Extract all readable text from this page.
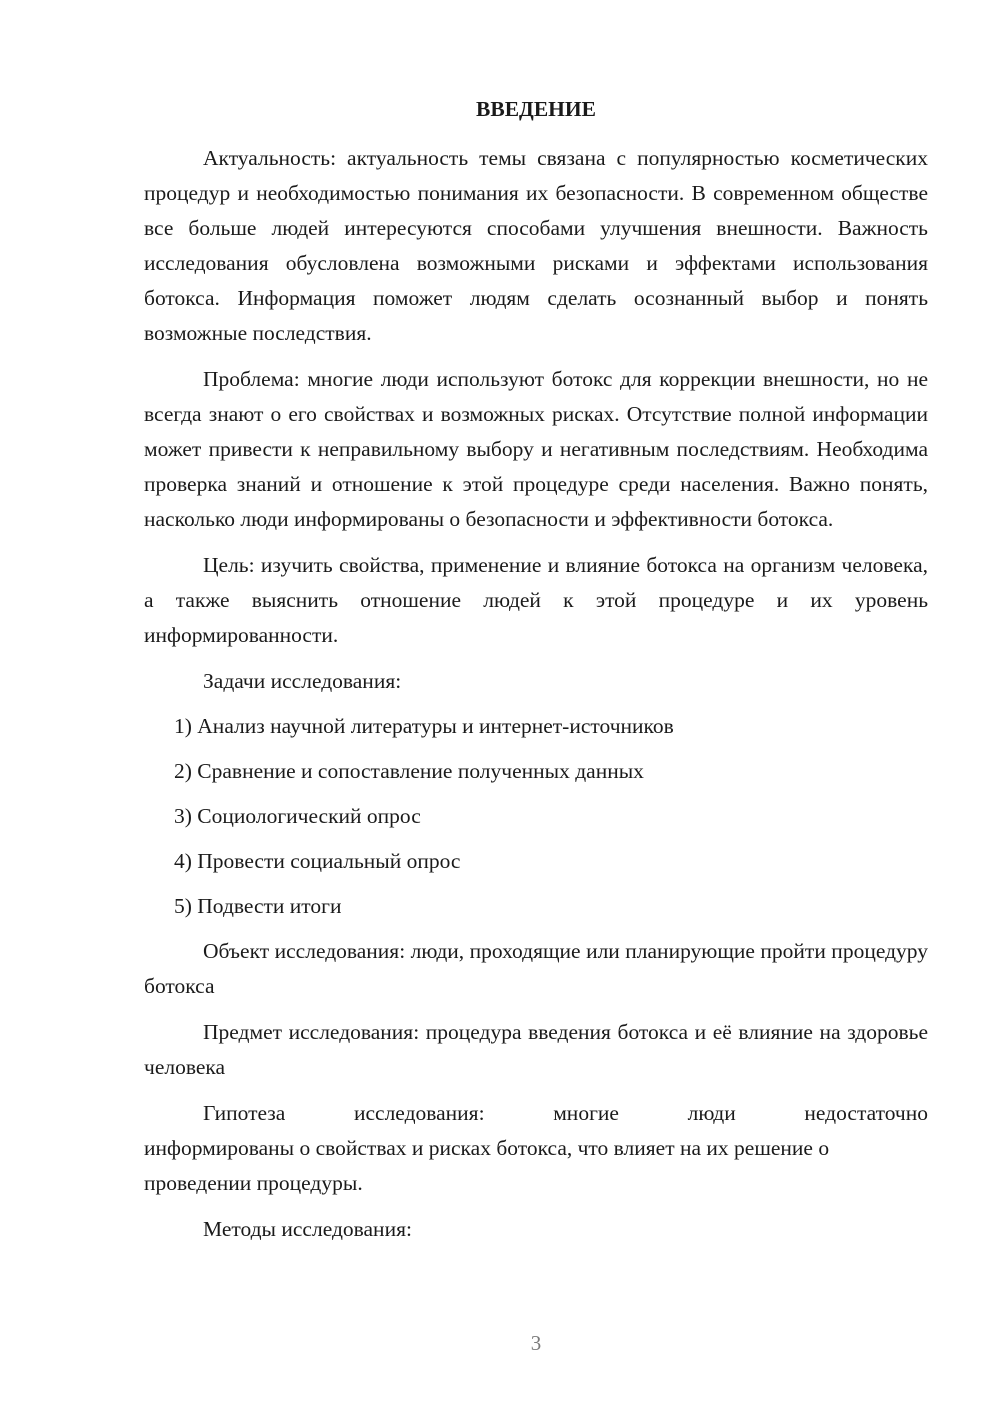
ВВЕДЕНИЕ

Актуальность: актуальность темы связана с популярностью косметических процедур и необходимостью понимания их безопасности. В современном обществе все больше людей интересуются способами улучшения внешности. Важность исследования обусловлена возможными рисками и эффектами использования ботокса. Информация поможет людям сделать осознанный выбор и понять возможные последствия.

Проблема: многие люди используют ботокс для коррекции внешности, но не всегда знают о его свойствах и возможных рисках. Отсутствие полной информации может привести к неправильному выбору и негативным последствиям. Необходима проверка знаний и отношение к этой процедуре среди населения. Важно понять, насколько люди информированы о безопасности и эффективности ботокса.

Цель: изучить свойства, применение и влияние ботокса на организм человека, а также выяснить отношение людей к этой процедуре и их уровень информированности.

Задачи исследования:
1) Анализ научной литературы и интернет-источников
2) Сравнение и сопоставление полученных данных
3) Социологический опрос
4) Провести социальный опрос
5) Подвести итоги

Объект исследования: люди, проходящие или планирующие пройти процедуру ботокса

Предмет исследования: процедура введения ботокса и её влияние на здоровье человека

Гипотеза	исследования:	многие	люди	недостаточно
информированы о свойствах и рисках ботокса, что влияет на их решение о проведении процедуры.
Методы исследования:
3
